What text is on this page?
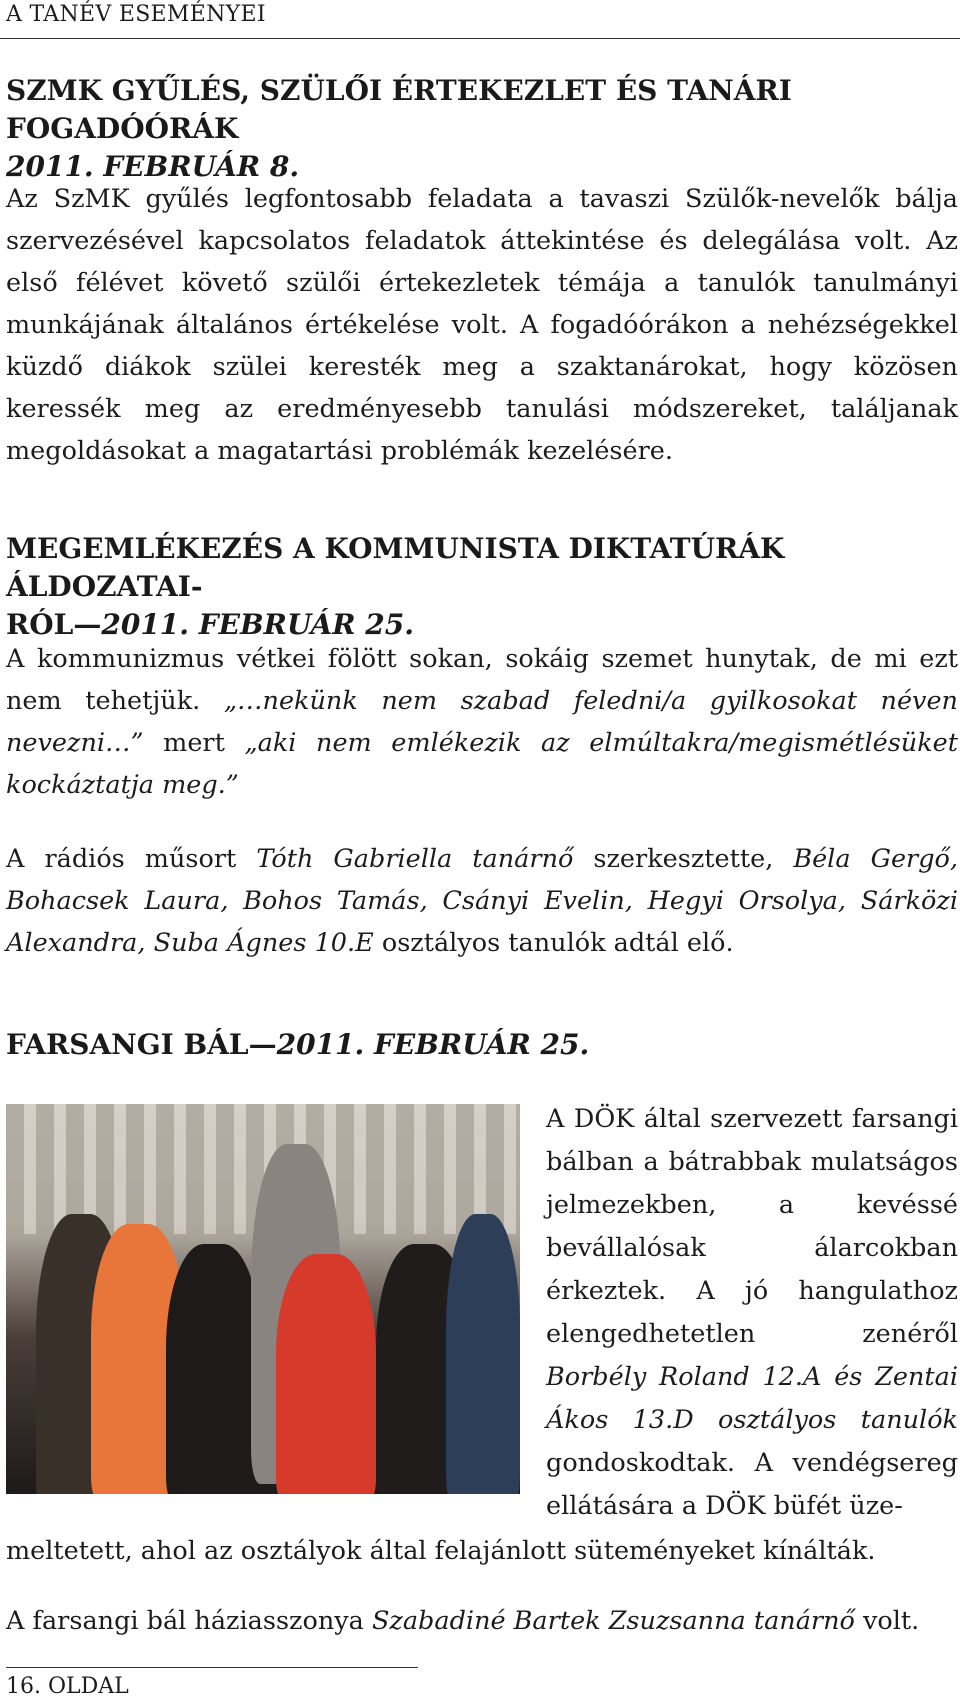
A TANÉV ESEMÉNYEI
SZMK GYŰLÉS, SZÜLŐI ÉRTEKEZLET ÉS TANÁRI FOGADÓÓRÁK
2011. FEBRUÁR 8.

Az SzMK gyűlés legfontosabb feladata a tavaszi Szülők-nevelők bálja szervezésével kapcsolatos feladatok áttekintése és delegálása volt. Az első félévet követő szülői értekezletek témája a tanulók tanulmányi munkájának általános értékelése volt. A fogadóórákon a nehézségekkel küzdő diákok szülei keresték meg a szaktanárokat, hogy közösen keressék meg az eredményesebb tanulási módszereket, találjanak megoldásokat a magatartási problémák kezelésére.

MEGEMLÉKEZÉS A KOMMUNISTA DIKTATÚRÁK ÁLDOZATAI-
RÓL—2011. FEBRUÁR 25.

A kommunizmus vétkei fölött sokan, sokáig szemet hunytak, de mi ezt nem tehetjük. „…nekünk nem szabad feledni/a gyilkosokat néven nevezni…” mert „aki nem emlékezik az elmúltakra/megismétlésüket kockáztatja meg.”

A rádiós műsort Tóth Gabriella tanárnő szerkesztette, Béla Gergő, Bohacsek Laura, Bohos Tamás, Csányi Evelin, Hegyi Orsolya, Sárközi Alexandra, Suba Ágnes 10.E osztályos tanulók adtál elő.

FARSANGI BÁL—2011. FEBRUÁR 25.
A DÖK által szervezett farsangi bálban a bátrabbak mulatságos jelmezekben, a kevéssé bevállalósak álarcokban érkeztek. A jó hangulathoz elengedhetetlen zenéről Borbély Roland 12.A és Zentai Ákos 13.D osztályos tanulók gondoskodtak. A vendégsereg ellátására a DÖK büfét üze-
meltetett, ahol az osztályok által felajánlott süteményeket kínálták.
A farsangi bál háziasszonya Szabadiné Bartek Zsuzsanna tanárnő volt.
16. OLDAL
